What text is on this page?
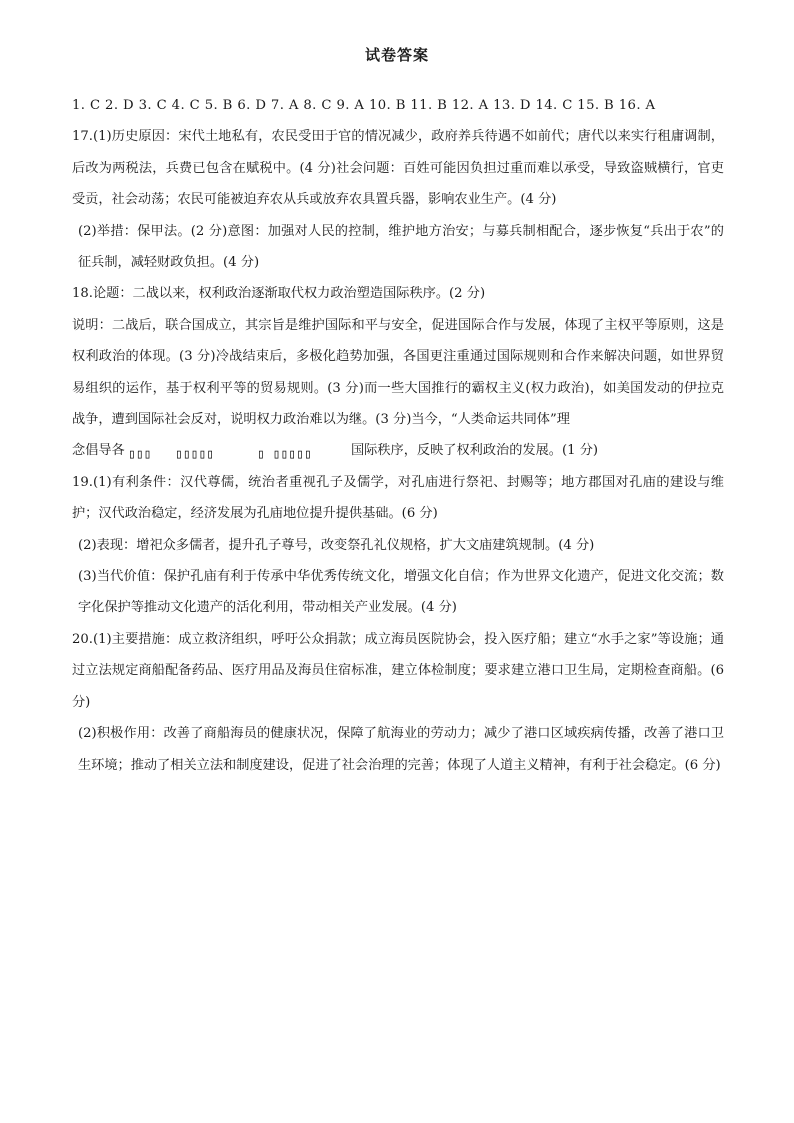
试卷答案

1. C 2. D 3. C 4. C 5. B 6. D 7. A 8. C 9. A 10. B 11. B 12. A 13. D 14. C 15. B 16. A

17.(1)历史原因：宋代土地私有，农民受田于官的情况减少，政府养兵待遇不如前代；唐代以来实行租庸调制，后改为两税法，兵费已包含在赋税中。(4 分)社会问题：百姓可能因负担过重而难以承受，导致盗贼横行，官吏受贡，社会动荡；农民可能被迫弃农从兵或放弃农具置兵器，影响农业生产。(4 分)

(2)举措：保甲法。(2 分)意图：加强对人民的控制，维护地方治安；与募兵制相配合，逐步恢复“兵出于农”的征兵制，减轻财政负担。(4 分)

18.论题：二战以来，权利政治逐渐取代权力政治塑造国际秩序。(2 分)

说明：二战后，联合国成立，其宗旨是维护国际和平与安全，促进国际合作与发展，体现了主权平等原则，这是权利政治的体现。(3 分)冷战结束后，多极化趋势加强，各国更注重通过国际规则和合作来解决问题，如世界贸易组织的运作，基于权利平等的贸易规则。(3 分)而一些大国推行的霸权主义(权力政治)，如美国发动的伊拉克战争，遭到国际社会反对，说明权力政治难以为继。(3 分)当今，“人类命运共同体”理

念倡导各 ▯▯▯ ▯▯▯▯▯	▯ ▯▯▯▯▯	国际秩序，反映了权利政治的发展。(1 分)

19.(1)有利条件：汉代尊儒，统治者重视孔子及儒学，对孔庙进行祭祀、封赐等；地方郡国对孔庙的建设与维护；汉代政治稳定，经济发展为孔庙地位提升提供基础。(6 分)

(2)表现：增祀众多儒者，提升孔子尊号，改变祭孔礼仪规格，扩大文庙建筑规制。(4 分)

(3)当代价值：保护孔庙有利于传承中华优秀传统文化，增强文化自信；作为世界文化遗产，促进文化交流；数字化保护等推动文化遗产的活化利用，带动相关产业发展。(4 分)

20.(1)主要措施：成立救济组织，呼吁公众捐款；成立海员医院协会，投入医疗船；建立“水手之家”等设施；通过立法规定商船配备药品、医疗用品及海员住宿标准，建立体检制度；要求建立港口卫生局，定期检查商船。(6 分)

(2)积极作用：改善了商船海员的健康状况，保障了航海业的劳动力；减少了港口区域疾病传播，改善了港口卫生环境；推动了相关立法和制度建设，促进了社会治理的完善；体现了人道主义精神，有利于社会稳定。(6 分)
